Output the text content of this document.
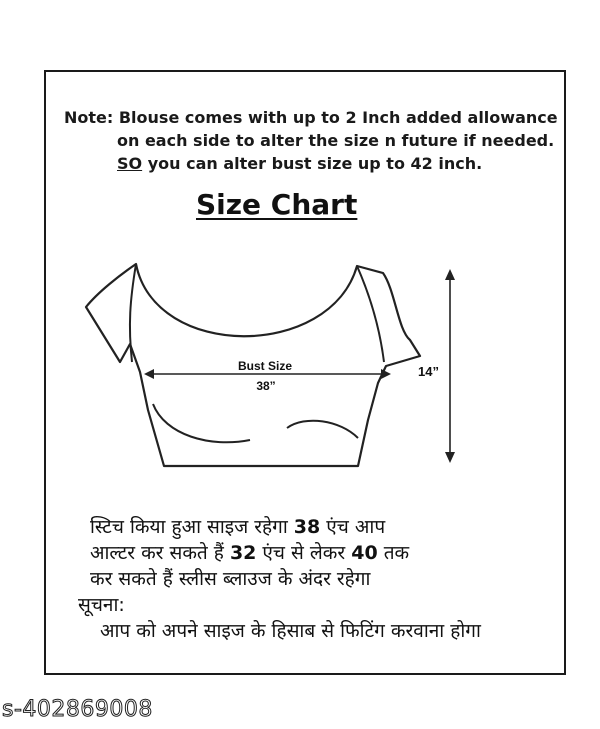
Note: Blouse comes with up to 2 Inch added allowance
on each side to alter the size n future if needed.
SO you can alter bust size up to 42 inch.
Size Chart
स्टिच किया हुआ साइज रहेगा 38 एंच आप
आल्टर कर सकते हैं 32 एंच से लेकर 40 तक
कर सकते हैं स्लीस ब्लाउज के अंदर रहेगा
सूचना:
आप को अपने साइज के हिसाब से फिटिंग करवाना होगा
Bust Size
38”
14”
s-402869008
